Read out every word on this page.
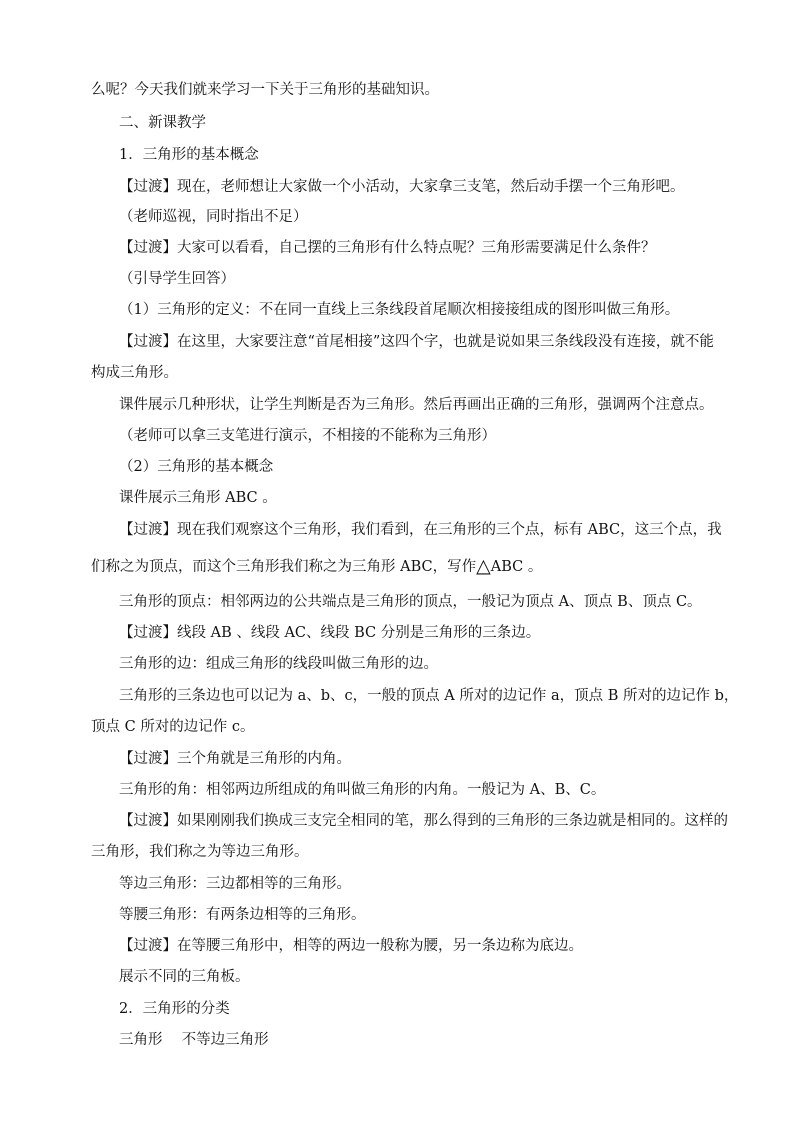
么呢？今天我们就来学习一下关于三角形的基础知识。
二、新课教学
1．三角形的基本概念
【过渡】现在，老师想让大家做一个小活动，大家拿三支笔，然后动手摆一个三角形吧。
（老师巡视，同时指出不足）
【过渡】大家可以看看，自己摆的三角形有什么特点呢？三角形需要满足什么条件？
（引导学生回答）
（1）三角形的定义：不在同一直线上三条线段首尾顺次相接接组成的图形叫做三角形。
【过渡】在这里，大家要注意“首尾相接”这四个字，也就是说如果三条线段没有连接，就不能
构成三角形。
课件展示几种形状，让学生判断是否为三角形。然后再画出正确的三角形，强调两个注意点。
（老师可以拿三支笔进行演示，不相接的不能称为三角形）
（2）三角形的基本概念
课件展示三角形 ABC 。
【过渡】现在我们观察这个三角形，我们看到，在三角形的三个点，标有 ABC，这三个点，我
们称之为顶点，而这个三角形我们称之为三角形 ABC，写作△ABC 。
三角形的顶点：相邻两边的公共端点是三角形的顶点，一般记为顶点 A、顶点 B、顶点 C。
【过渡】线段 AB 、线段 AC、线段 BC 分别是三角形的三条边。
三角形的边：组成三角形的线段叫做三角形的边。
三角形的三条边也可以记为 a、b、c，一般的顶点 A 所对的边记作 a，顶点 B 所对的边记作 b，
顶点 C 所对的边记作 c。
【过渡】三个角就是三角形的内角。
三角形的角：相邻两边所组成的角叫做三角形的内角。一般记为 A、B、C。
【过渡】如果刚刚我们换成三支完全相同的笔，那么得到的三角形的三条边就是相同的。这样的
三角形，我们称之为等边三角形。
等边三角形：三边都相等的三角形。
等腰三角形：有两条边相等的三角形。
【过渡】在等腰三角形中，相等的两边一般称为腰，另一条边称为底边。
展示不同的三角板。
2．三角形的分类
三角形　 不等边三角形
